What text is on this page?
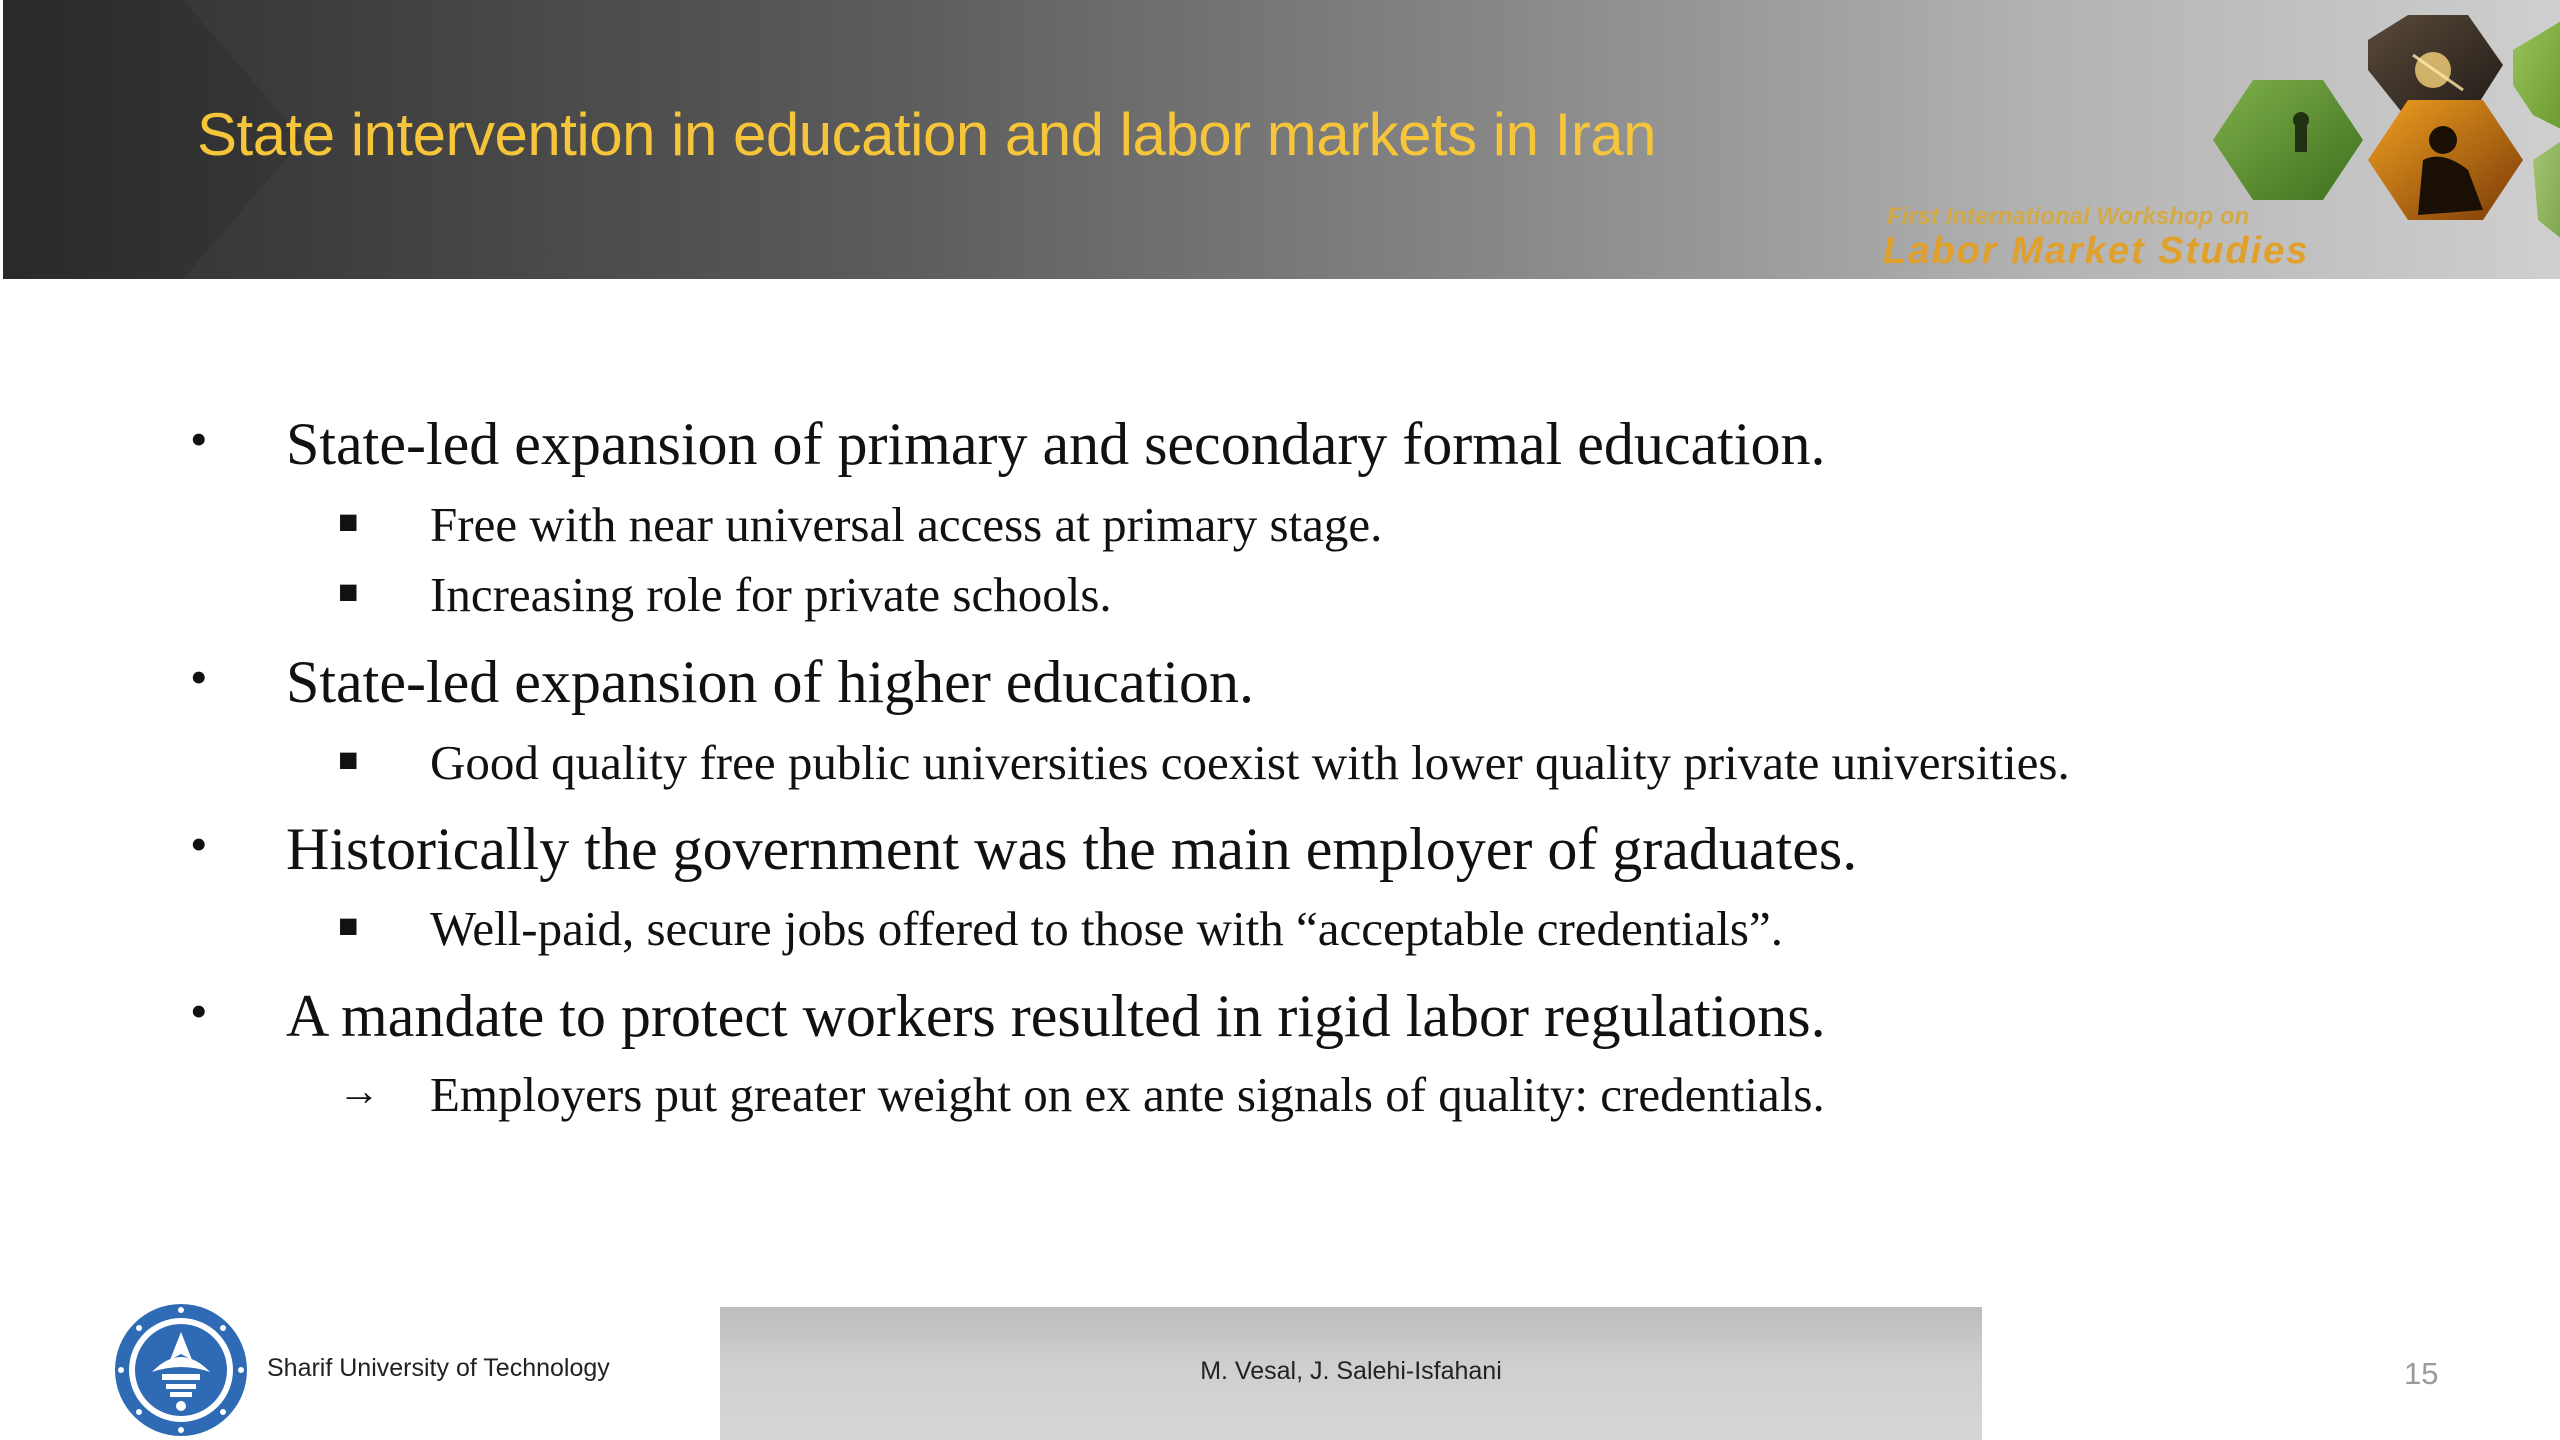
State intervention in education and labor markets in Iran
First International Workshop on
Labor Market Studies
• State-led expansion of primary and secondary formal education.
■ Free with near universal access at primary stage.
■ Increasing role for private schools.
• State-led expansion of higher education.
■ Good quality free public universities coexist with lower quality private universities.
• Historically the government was the main employer of graduates.
■ Well-paid, secure jobs offered to those with “acceptable credentials”.
• A mandate to protect workers resulted in rigid labor regulations.
→ Employers put greater weight on ex ante signals of quality: credentials.
Sharif University of Technology	M. Vesal, J. Salehi-Isfahani	15
